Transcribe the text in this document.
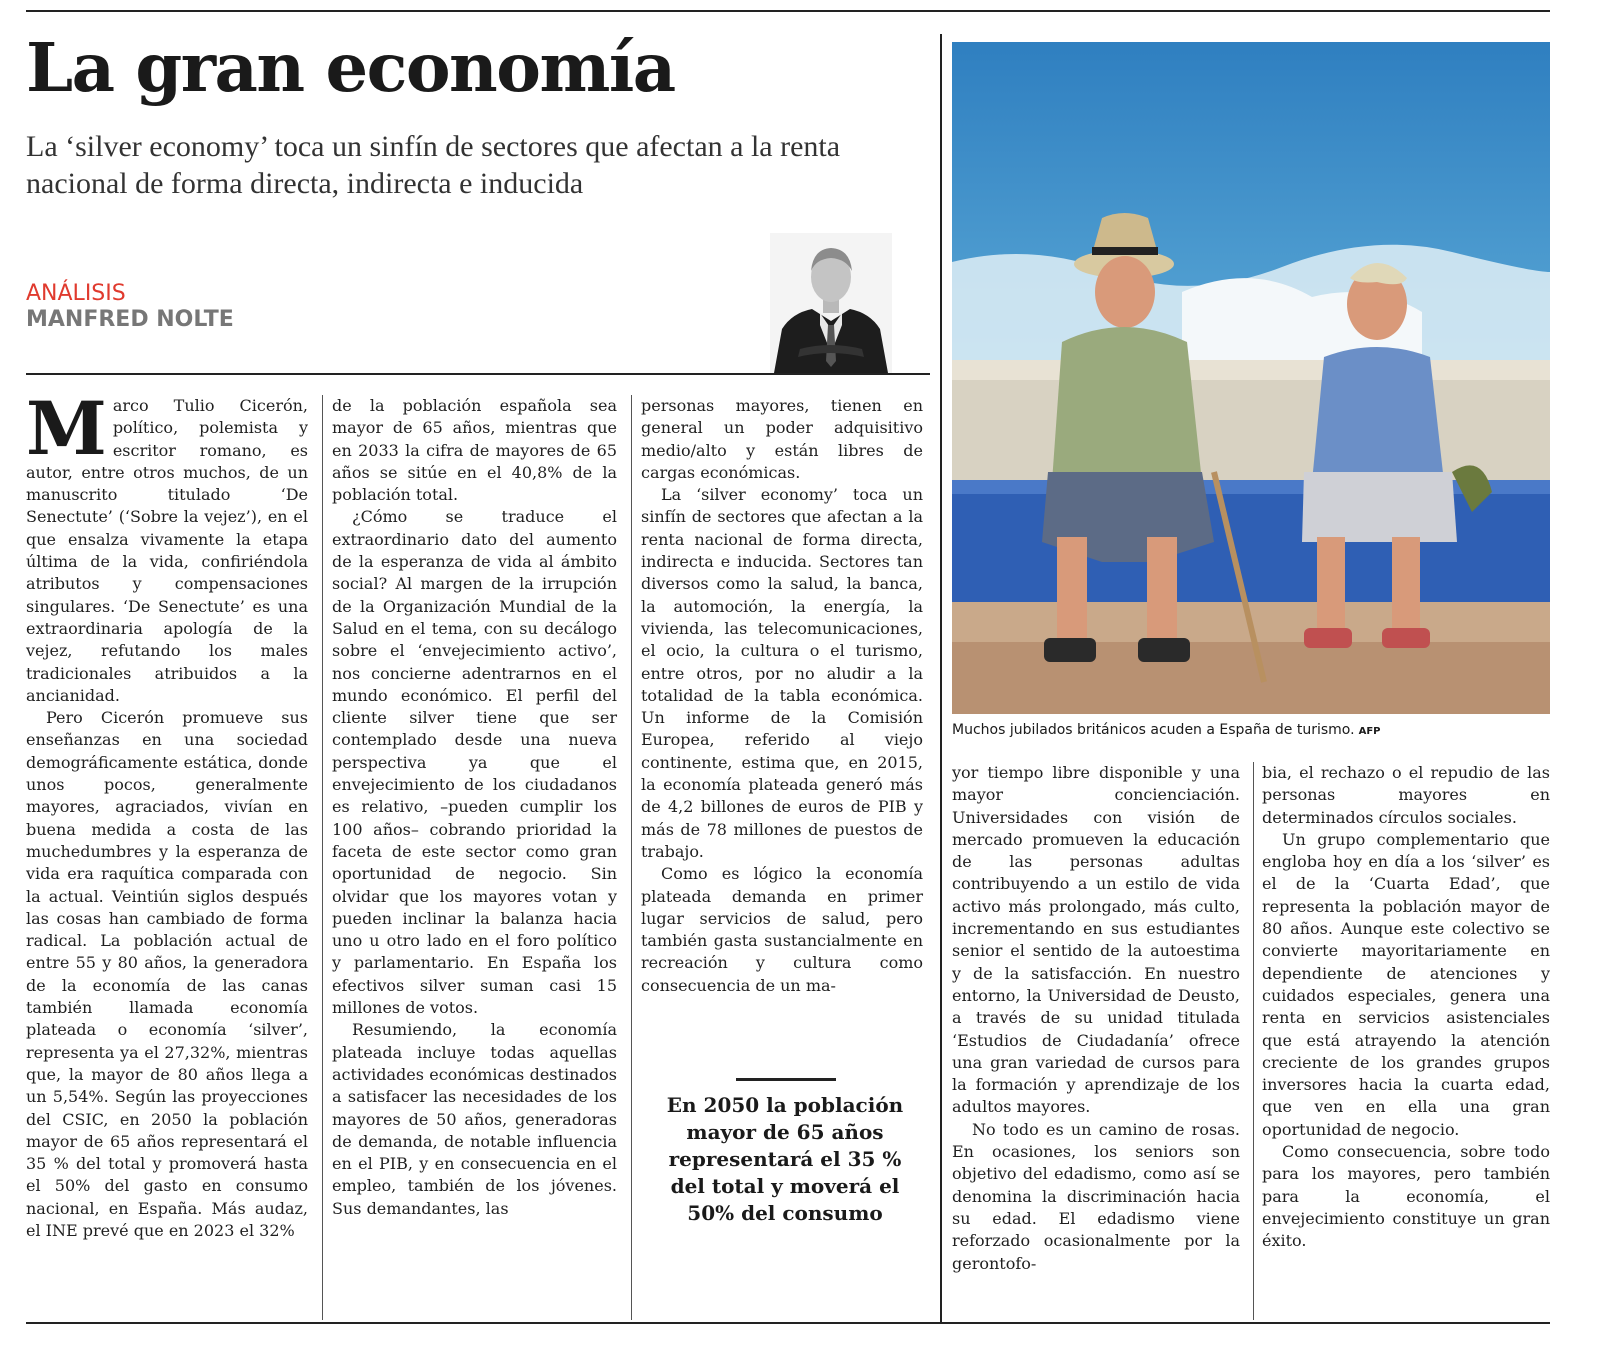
La gran economía

La ‘silver economy’ toca un sinfín de sectores que afectan a la renta nacional de forma directa, indirecta e inducida

ANÁLISIS
MANFRED NOLTE

Marco Tulio Cicerón, político, polemista y escritor romano, es autor, entre otros muchos, de un manuscrito titulado ‘De Senectute’ (‘Sobre la vejez’), en el que ensalza vivamente la etapa última de la vida, confiriéndola atributos y compensaciones singulares. ‘De Senectute’ es una extraordinaria apología de la vejez, refutando los males tradicionales atribuidos a la ancianidad.

Pero Cicerón promueve sus enseñanzas en una sociedad demográficamente estática, donde unos pocos, generalmente mayores, agraciados, vivían en buena medida a costa de las muchedumbres y la esperanza de vida era raquítica comparada con la actual. Veintiún siglos después las cosas han cambiado de forma radical. La población actual de entre 55 y 80 años, la generadora de la economía de las canas también llamada economía plateada o economía ‘silver’, representa ya el 27,32%, mientras que, la mayor de 80 años llega a un 5,54%. Según las proyecciones del CSIC, en 2050 la población mayor de 65 años representará el 35 % del total y promoverá hasta el 50% del gasto en consumo nacional, en España. Más audaz, el INE prevé que en 2023 el 32%

de la población española sea mayor de 65 años, mientras que en 2033 la cifra de mayores de 65 años se sitúe en el 40,8% de la población total.

¿Cómo se traduce el extraordinario dato del aumento de la esperanza de vida al ámbito social? Al margen de la irrupción de la Organización Mundial de la Salud en el tema, con su decálogo sobre el ‘envejecimiento activo’, nos concierne adentrarnos en el mundo económico. El perfil del cliente silver tiene que ser contemplado desde una nueva perspectiva ya que el envejecimiento de los ciudadanos es relativo, –pueden cumplir los 100 años– cobrando prioridad la faceta de este sector como gran oportunidad de negocio. Sin olvidar que los mayores votan y pueden inclinar la balanza hacia uno u otro lado en el foro político y parlamentario. En España los efectivos silver suman casi 15 millones de votos.

Resumiendo, la economía plateada incluye todas aquellas actividades económicas destinados a satisfacer las necesidades de los mayores de 50 años, generadoras de demanda, de notable influencia en el PIB, y en consecuencia en el empleo, también de los jóvenes. Sus demandantes, las

personas mayores, tienen en general un poder adquisitivo medio/alto y están libres de cargas económicas.

La ‘silver economy’ toca un sinfín de sectores que afectan a la renta nacional de forma directa, indirecta e inducida. Sectores tan diversos como la salud, la banca, la automoción, la energía, la vivienda, las telecomunicaciones, el ocio, la cultura o el turismo, entre otros, por no aludir a la totalidad de la tabla económica. Un informe de la Comisión Europea, referido al viejo continente, estima que, en 2015, la economía plateada generó más de 4,2 billones de euros de PIB y más de 78 millones de puestos de trabajo.

Como es lógico la economía plateada demanda en primer lugar servicios de salud, pero también gasta sustancialmente en recreación y cultura como consecuencia de un ma-

En 2050 la población mayor de 65 años representará el 35 % del total y moverá el 50% del consumo
Muchos jubilados británicos acuden a España de turismo. AFP

yor tiempo libre disponible y una mayor concienciación. Universidades con visión de mercado promueven la educación de las personas adultas contribuyendo a un estilo de vida activo más prolongado, más culto, incrementando en sus estudiantes senior el sentido de la autoestima y de la satisfacción. En nuestro entorno, la Universidad de Deusto, a través de su unidad titulada ‘Estudios de Ciudadanía’ ofrece una gran variedad de cursos para la formación y aprendizaje de los adultos mayores.

No todo es un camino de rosas. En ocasiones, los seniors son objetivo del edadismo, como así se denomina la discriminación hacia su edad. El edadismo viene reforzado ocasionalmente por la gerontofo-

bia, el rechazo o el repudio de las personas mayores en determinados círculos sociales.

Un grupo complementario que engloba hoy en día a los ‘silver’ es el de la ‘Cuarta Edad’, que representa la población mayor de 80 años. Aunque este colectivo se convierte mayoritariamente en dependiente de atenciones y cuidados especiales, genera una renta en servicios asistenciales que está atrayendo la atención creciente de los grandes grupos inversores hacia la cuarta edad, que ven en ella una gran oportunidad de negocio.

Como consecuencia, sobre todo para los mayores, pero también para la economía, el envejecimiento constituye un gran éxito.
